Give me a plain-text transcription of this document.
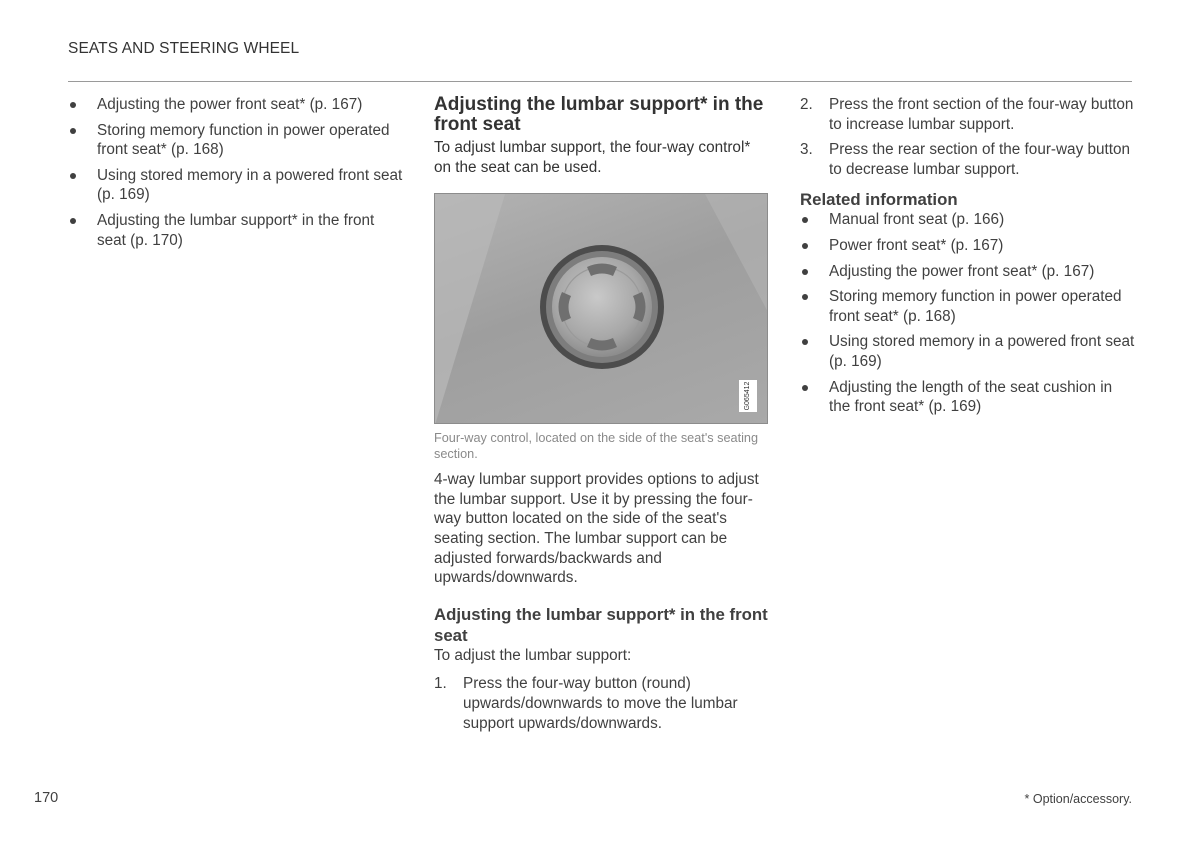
SEATS AND STEERING WHEEL
Adjusting the power front seat* (p. 167)
Storing memory function in power operated front seat* (p. 168)
Using stored memory in a powered front seat (p. 169)
Adjusting the lumbar support* in the front seat (p. 170)
Adjusting the lumbar support* in the front seat

To adjust lumbar support, the four-way control* on the seat can be used.

G065412
Four-way control, located on the side of the seat's seating section.

4-way lumbar support provides options to adjust the lumbar support. Use it by pressing the four-way button located on the side of the seat's seating section. The lumbar support can be adjusted forwards/backwards and upwards/downwards.

Adjusting the lumbar support* in the front seat
To adjust the lumbar support:
1. Press the four-way button (round) upwards/downwards to move the lumbar support upwards/downwards.
2. Press the front section of the four-way button to increase lumbar support.
3. Press the rear section of the four-way button to decrease lumbar support.
Related information
Manual front seat (p. 166)
Power front seat* (p. 167)
Adjusting the power front seat* (p. 167)
Storing memory function in power operated front seat* (p. 168)
Using stored memory in a powered front seat (p. 169)
Adjusting the length of the seat cushion in the front seat* (p. 169)
170	* Option/accessory.
